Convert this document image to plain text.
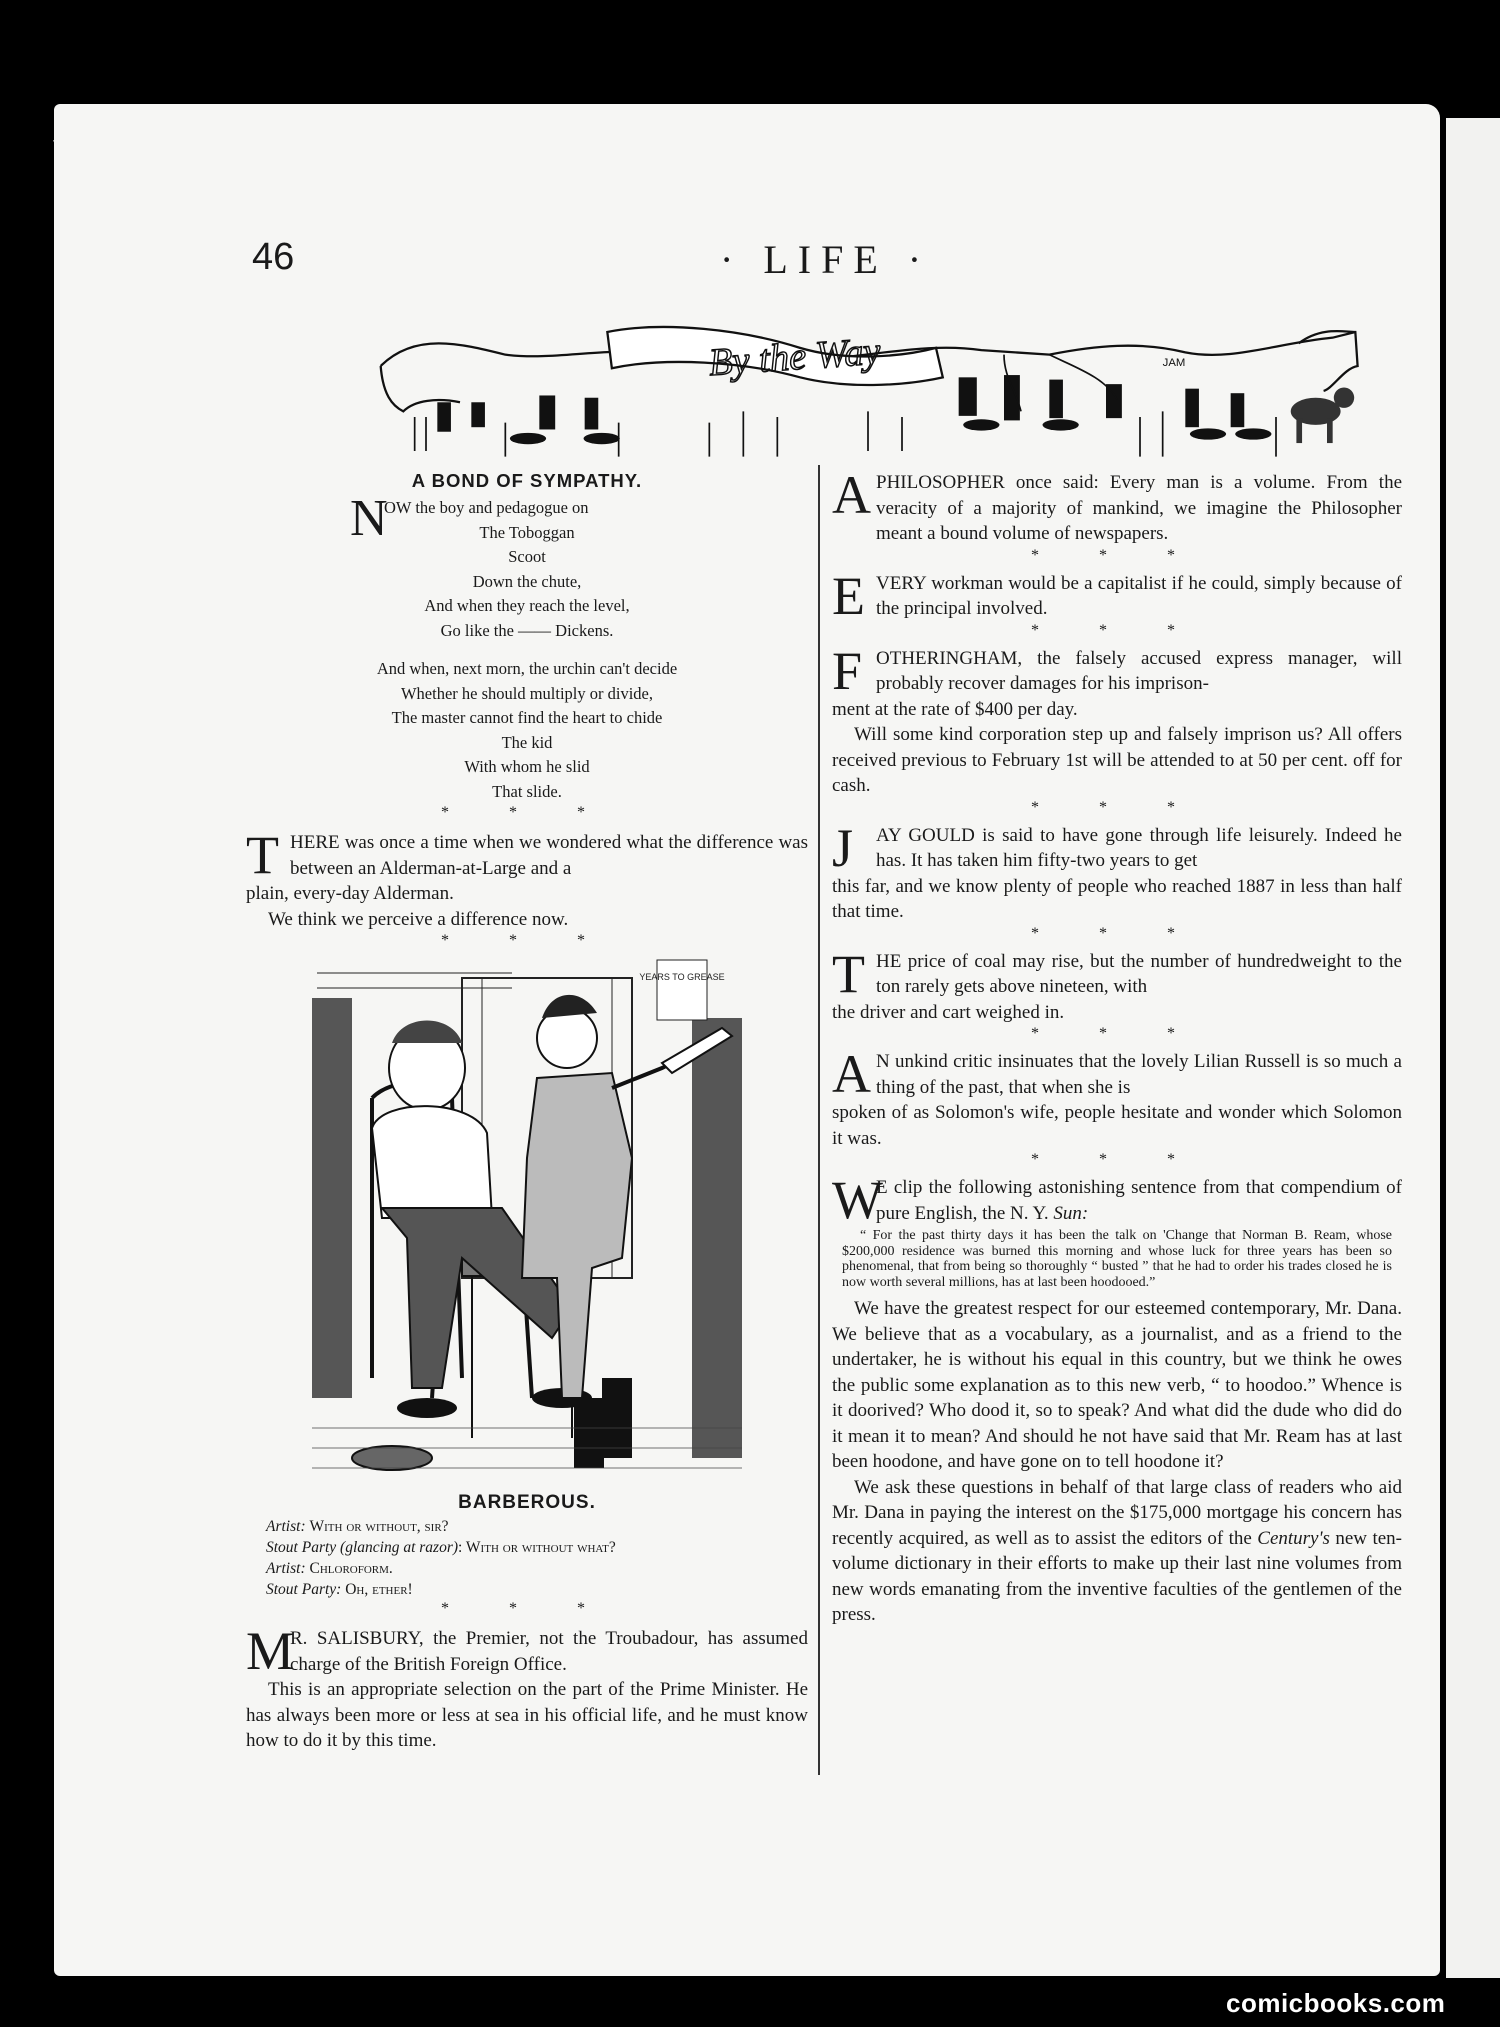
46	· LIFE ·
By the Way	JAM
A BOND OF SYMPATHY.
N
OW the boy and pedagogue on
The Toboggan
Scoot
Down the chute,
And when they reach the level,
Go like the —— Dickens.
And when, next morn, the urchin can't decide
Whether he should multiply or divide,
The master cannot find the heart to chide
The kid
With whom he slid
That slide.
* * *
T HERE was once a time when we wondered what the difference was between an Alderman-at-Large and a

plain, every-day Alderman.

We think we perceive a difference now.

* * *
YEARS TO GREASE
BARBEROUS.
Artist: With or without, sir?
Stout Party (glancing at razor): With or without what?
Artist: Chloroform.
Stout Party: Oh, ether!
* * *
M
R. SALISBURY, the Premier, not the Troubadour, has assumed charge of the British Foreign Office.

This is an appropriate selection on the part of the Prime Minister. He has always been more or less at sea in his official life, and he must know how to do it by this time.

A PHILOSOPHER once said: Every man is a volume. From the veracity of a majority of mankind, we imagine the Philosopher meant a bound volume of newspapers.
* * *
E VERY workman would be a capitalist if he could, simply because of the principal involved.
* * *
F OTHERINGHAM, the falsely accused express manager, will probably recover damages for his imprison-

ment at the rate of $400 per day.

Will some kind corporation step up and falsely imprison us? All offers received previous to February 1st will be attended to at 50 per cent. off for cash.

* * *
J	AY GOULD is said to have gone through life leisurely. Indeed he has. It has taken him fifty-two years to get

this far, and we know plenty of people who reached 1887 in less than half that time.

* * *
T HE price of coal may rise, but the number of hundredweight to the ton rarely gets above nineteen, with

the driver and cart weighed in.

* * *
A N unkind critic insinuates that the lovely Lilian Russell is so much a thing of the past, that when she is

spoken of as Solomon's wife, people hesitate and wonder which Solomon it was.

* * *
W
E clip the following astonishing sentence from that compendium of pure English, the N. Y. Sun:

“ For the past thirty days it has been the talk on 'Change that Norman B. Ream, whose $200,000 residence was burned this morning and whose luck for three years has been so phenomenal, that from being so thoroughly “ busted ” that he had to order his trades closed he is now worth several millions, has at last been hoodooed.”

We have the greatest respect for our esteemed contemporary, Mr. Dana. We believe that as a vocabulary, as a journalist, and as a friend to the undertaker, he is without his equal in this country, but we think he owes the public some explanation as to this new verb, “ to hoodoo.” Whence is it doorived? Who dood it, so to speak? And what did the dude who did do it mean it to mean? And should he not have said that Mr. Ream has at last been hoodone, and have gone on to tell hoodone it?

We ask these questions in behalf of that large class of readers who aid Mr. Dana in paying the interest on the $175,000 mortgage his concern has recently acquired, as well as to assist the editors of the Century's new ten-volume dictionary in their efforts to make up their last nine volumes from new words emanating from the inventive faculties of the gentlemen of the press.

comicbooks.com
